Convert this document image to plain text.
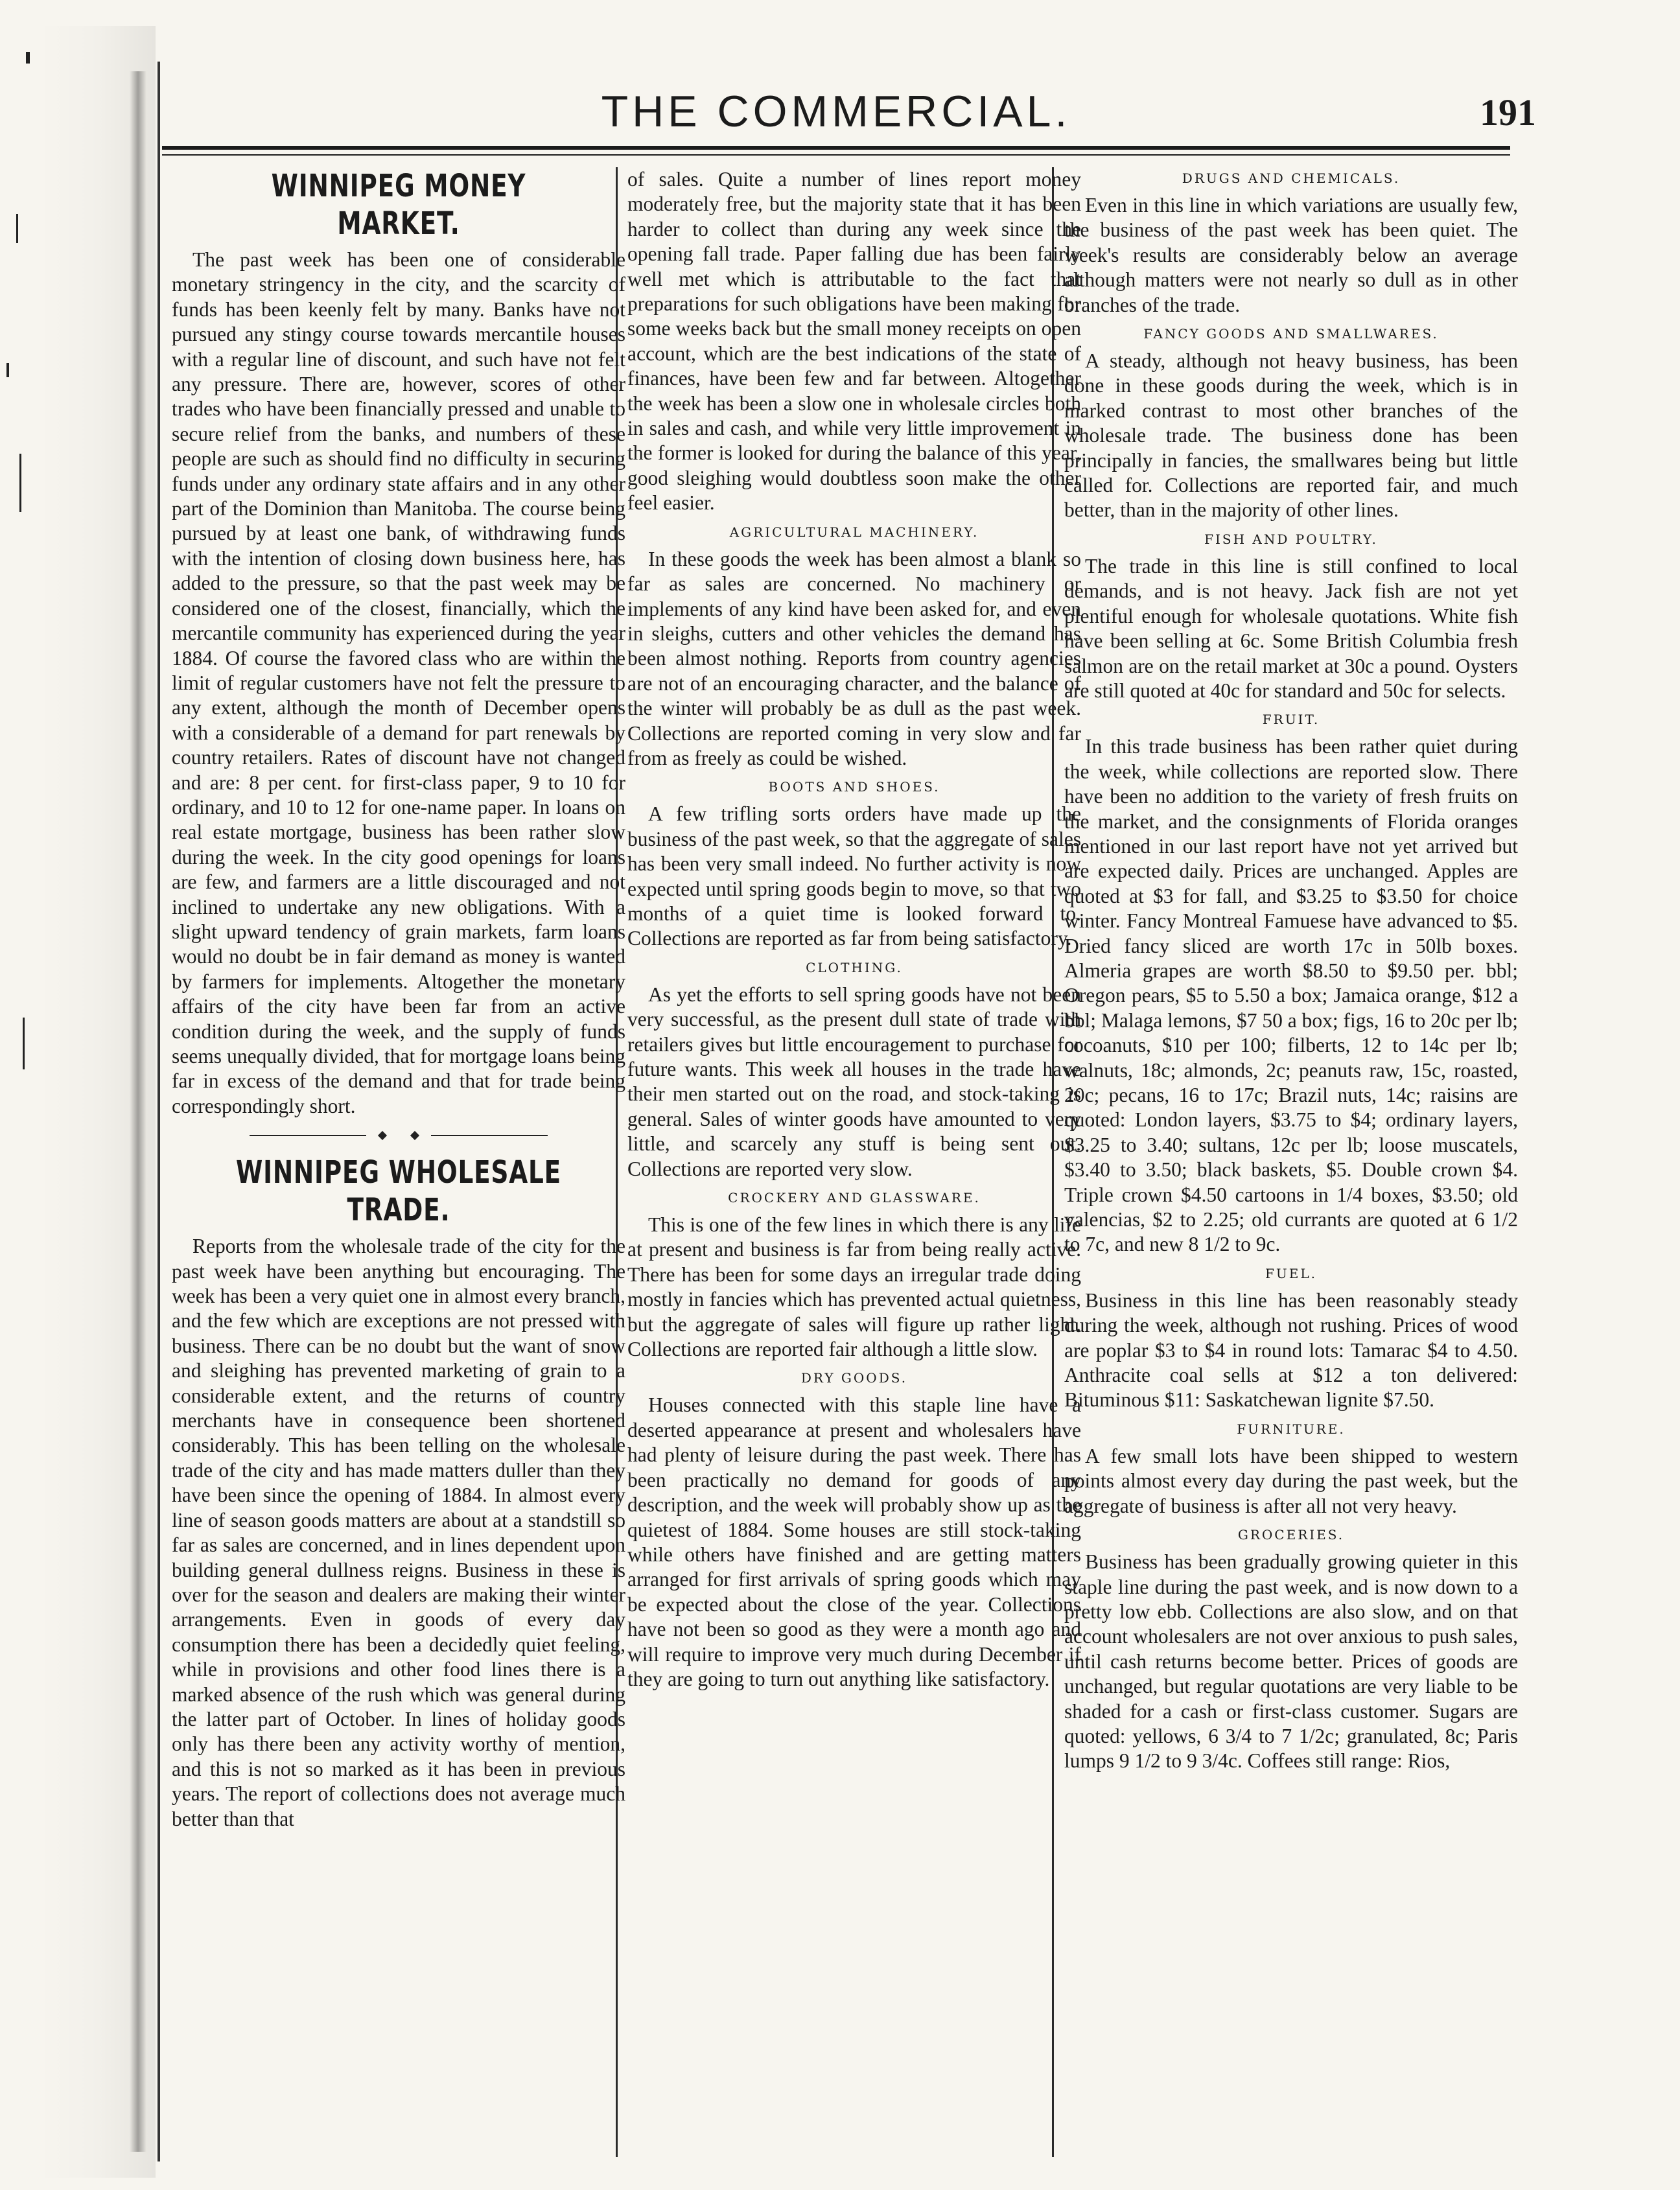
THE COMMERCIAL.	191
WINNIPEG MONEY MARKET.

The past week has been one of considerable monetary stringency in the city, and the scarcity of funds has been keenly felt by many. Banks have not pursued any stingy course towards mercantile houses with a regular line of discount, and such have not felt any pressure. There are, however, scores of other trades who have been financially pressed and unable to secure relief from the banks, and numbers of these people are such as should find no difficulty in securing funds under any ordinary state affairs and in any other part of the Dominion than Manitoba. The course being pursued by at least one bank, of withdrawing funds with the intention of closing down business here, has added to the pressure, so that the past week may be considered one of the closest, financially, which the mercantile community has experienced during the year 1884. Of course the favored class who are within the limit of regular customers have not felt the pressure to any extent, although the month of December opens with a considerable of a demand for part renewals by country retailers. Rates of discount have not changed and are: 8 per cent. for first-class paper, 9 to 10 for ordinary, and 10 to 12 for one-name paper. In loans on real estate mortgage, business has been rather slow during the week. In the city good openings for loans are few, and farmers are a little discouraged and not inclined to undertake any new obligations. With a slight upward tendency of grain markets, farm loans would no doubt be in fair demand as money is wanted by farmers for implements. Altogether the monetary affairs of the city have been far from an active condition during the week, and the supply of funds seems unequally divided, that for mortgage loans being far in excess of the demand and that for trade being correspondingly short.

WINNIPEG WHOLESALE TRADE.

Reports from the wholesale trade of the city for the past week have been anything but encouraging. The week has been a very quiet one in almost every branch, and the few which are exceptions are not pressed with business. There can be no doubt but the want of snow and sleighing has prevented marketing of grain to a considerable extent, and the returns of country merchants have in consequence been shortened considerably. This has been telling on the wholesale trade of the city and has made matters duller than they have been since the opening of 1884. In almost every line of season goods matters are about at a standstill so far as sales are concerned, and in lines dependent upon building general dullness reigns. Business in these is over for the season and dealers are making their winter arrangements. Even in goods of every day consumption there has been a decidedly quiet feeling, while in provisions and other food lines there is a marked absence of the rush which was general during the latter part of October. In lines of holiday goods only has there been any activity worthy of mention, and this is not so marked as it has been in previous years. The report of collections does not average much better than that

of sales. Quite a number of lines report money moderately free, but the majority state that it has been harder to collect than during any week since the opening fall trade. Paper falling due has been fairly well met which is attributable to the fact that preparations for such obligations have been making for some weeks back but the small money receipts on open account, which are the best indications of the state of finances, have been few and far between. Altogether the week has been a slow one in wholesale circles both in sales and cash, and while very little improvement in the former is looked for during the balance of this year, good sleighing would doubtless soon make the other feel easier.

AGRICULTURAL MACHINERY.

In these goods the week has been almost a blank so far as sales are concerned. No machinery or implements of any kind have been asked for, and even in sleighs, cutters and other vehicles the demand has been almost nothing. Reports from country agencies are not of an encouraging character, and the balance of the winter will probably be as dull as the past week. Collections are reported coming in very slow and far from as freely as could be wished.

BOOTS AND SHOES.

A few trifling sorts orders have made up the business of the past week, so that the aggregate of sales has been very small indeed. No further activity is now expected until spring goods begin to move, so that two months of a quiet time is looked forward to. Collections are reported as far from being satisfactory.

CLOTHING.

As yet the efforts to sell spring goods have not been very successful, as the present dull state of trade with retailers gives but little encouragement to purchase for future wants. This week all houses in the trade have their men started out on the road, and stock-taking is general. Sales of winter goods have amounted to very little, and scarcely any stuff is being sent out. Collections are reported very slow.

CROCKERY AND GLASSWARE.

This is one of the few lines in which there is any life at present and business is far from being really active. There has been for some days an irregular trade doing mostly in fancies which has prevented actual quietness, but the aggregate of sales will figure up rather light. Collections are reported fair although a little slow.

DRY GOODS.

Houses connected with this staple line have a deserted appearance at present and wholesalers have had plenty of leisure during the past week. There has been practically no demand for goods of any description, and the week will probably show up as the quietest of 1884. Some houses are still stock-taking while others have finished and are getting matters arranged for first arrivals of spring goods which may be expected about the close of the year. Collections have not been so good as they were a month ago and will require to improve very much during December if they are going to turn out anything like satisfactory.

DRUGS AND CHEMICALS.

Even in this line in which variations are usually few, the business of the past week has been quiet. The week's results are considerably below an average although matters were not nearly so dull as in other branches of the trade.

FANCY GOODS AND SMALLWARES.

A steady, although not heavy business, has been done in these goods during the week, which is in marked contrast to most other branches of the wholesale trade. The business done has been principally in fancies, the smallwares being but little called for. Collections are reported fair, and much better, than in the majority of other lines.

FISH AND POULTRY.

The trade in this line is still confined to local demands, and is not heavy. Jack fish are not yet plentiful enough for wholesale quotations. White fish have been selling at 6c. Some British Columbia fresh salmon are on the retail market at 30c a pound. Oysters are still quoted at 40c for standard and 50c for selects.

FRUIT.

In this trade business has been rather quiet during the week, while collections are reported slow. There have been no addition to the variety of fresh fruits on the market, and the consignments of Florida oranges mentioned in our last report have not yet arrived but are expected daily. Prices are unchanged. Apples are quoted at $3 for fall, and $3.25 to $3.50 for choice winter. Fancy Montreal Famuese have advanced to $5. Dried fancy sliced are worth 17c in 50lb boxes. Almeria grapes are worth $8.50 to $9.50 per. bbl; Oregon pears, $5 to 5.50 a box; Jamaica orange, $12 a bbl; Malaga lemons, $7 50 a box; figs, 16 to 20c per lb; cocoanuts, $10 per 100; filberts, 12 to 14c per lb; walnuts, 18c; almonds, 2c; peanuts raw, 15c, roasted, 20c; pecans, 16 to 17c; Brazil nuts, 14c; raisins are quoted: London layers, $3.75 to $4; ordinary layers, $3.25 to 3.40; sultans, 12c per lb; loose muscatels, $3.40 to 3.50; black baskets, $5. Double crown $4. Triple crown $4.50 cartoons in 1/4 boxes, $3.50; old valencias, $2 to 2.25; old currants are quoted at 6 1/2 to 7c, and new 8 1/2 to 9c.

FUEL.

Business in this line has been reasonably steady during the week, although not rushing. Prices of wood are poplar $3 to $4 in round lots: Tamarac $4 to 4.50. Anthracite coal sells at $12 a ton delivered: Bituminous $11: Saskatchewan lignite $7.50.

FURNITURE.

A few small lots have been shipped to western points almost every day during the past week, but the aggregate of business is after all not very heavy.

GROCERIES.

Business has been gradually growing quieter in this staple line during the past week, and is now down to a pretty low ebb. Collections are also slow, and on that account wholesalers are not over anxious to push sales, until cash returns become better. Prices of goods are unchanged, but regular quotations are very liable to be shaded for a cash or first-class customer. Sugars are quoted: yellows, 6 3/4 to 7 1/2c; granulated, 8c; Paris lumps 9 1/2 to 9 3/4c. Coffees still range: Rios,
